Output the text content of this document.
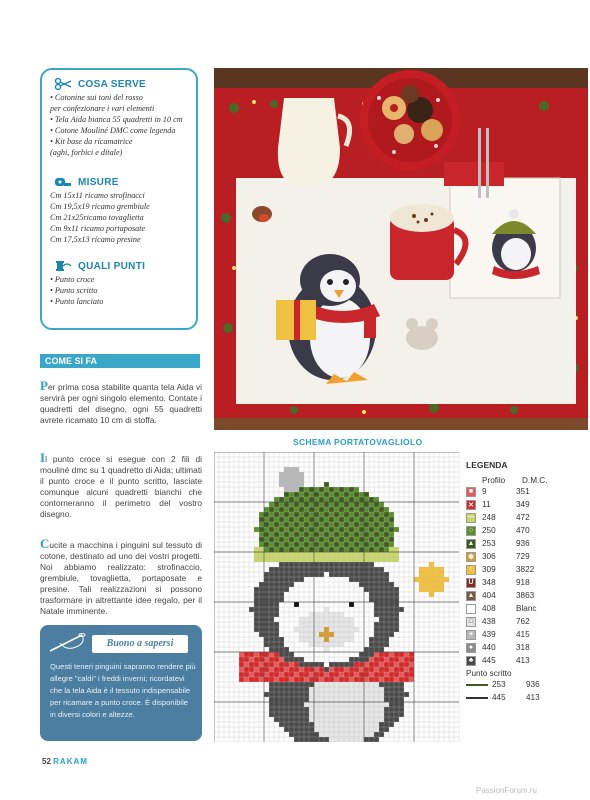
COSA SERVE
• Cotonine sui toni del rosso
per confezionare i vari elementi
• Tela Aida bianca 55 quadretti in 10 cm
• Cotone Mouliné DMC come legenda
• Kit base da ricamatrice
(aghi, forbici e ditale)
MISURE
Cm 15x11 ricamo strofinacci
Cm 19,5x19 ricamo grembiule
Cm 21x25ricamo tovaglietta
Cm 9x11 ricamo portaposate
Cm 17,5x13 ricamo presine
QUALI PUNTI
• Punto croce
• Punto scritto
• Punto lanciato
COME SI FA
Per prima cosa stabilite quanta tela Aida vi servirà per ogni singolo elemento. Contate i quadretti del disegno, ogni 55 quadretti avrete ricamato 10 cm di stoffa.
Il punto croce si esegue con 2 fili di mouliné dmc su 1 quadretto di Aida; ultimati il punto croce e il punto scritto, lasciate comunque alcuni quadretti bianchi che contorneranno il perimetro del vostro disegno.
Cucite a macchina i pinguini sul tessuto di cotone, destinato ad uno dei vostri progetti. Noi abbiamo realizzato: strofinaccio, grembiule, tovaglietta, portaposate e presine. Tali realizzazioni si possono trasformare in altrettante idee regalo, per il Natale imminente.
Buono a sapersi
Questi teneri pinguini sapranno rendere più allegre "caldi" i freddi inverni; ricordatevi che la tela Aida è il tessuto indispensabile per ricamare a punto croce. È disponibile in diversi colori e altezze.
SCHEMA PORTATOVAGLIOLO
LEGENDA
Profilo	D.M.C.
■	9	351
✕ 11	349
— 248	472
○	250	470
▲ 253	936
✱ 306	729
↑	309	3822
U	348	918
▲ 404	3863
408	Blanc
□	438	762
+	439	415
●	440	318
♣	445	413
Punto scritto
253	936
445	413
52 RAKAM
PassionForum.ru
